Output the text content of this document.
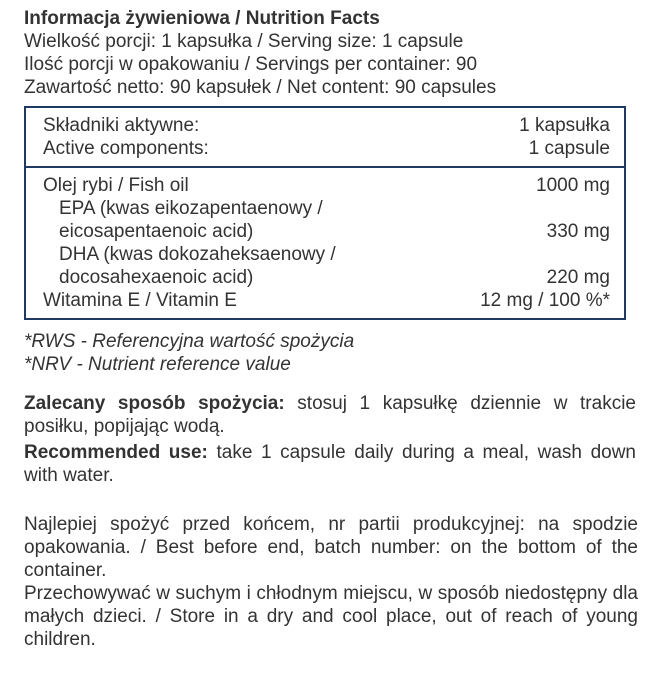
Informacja żywieniowa / Nutrition Facts
Wielkość porcji: 1 kapsułka / Serving size: 1 capsule
Ilość porcji w opakowaniu / Servings per container: 90
Zawartość netto: 90 kapsułek / Net content: 90 capsules
Składniki aktywne:	1 kapsułka
Active components:	1 capsule
Olej rybi / Fish oil	1000 mg
EPA (kwas eikozapentaenowy /
eicosapentaenoic acid)	330 mg
DHA (kwas dokozaheksaenowy /
docosahexaenoic acid)	220 mg
Witamina E / Vitamin E	12 mg / 100 %*
*RWS - Referencyjna wartość spożycia
*NRV - Nutrient reference value

Zalecany sposób spożycia: stosuj 1 kapsułkę dziennie w trakcie posiłku, popijając wodą.

Recommended use: take 1 capsule daily during a meal, wash down with water.

Najlepiej spożyć przed końcem, nr partii produkcyjnej: na spodzie opakowania. / Best before end, batch number: on the bottom of the container.

Przechowywać w suchym i chłodnym miejscu, w sposób niedostępny dla małych dzieci. / Store in a dry and cool place, out of reach of young children.
